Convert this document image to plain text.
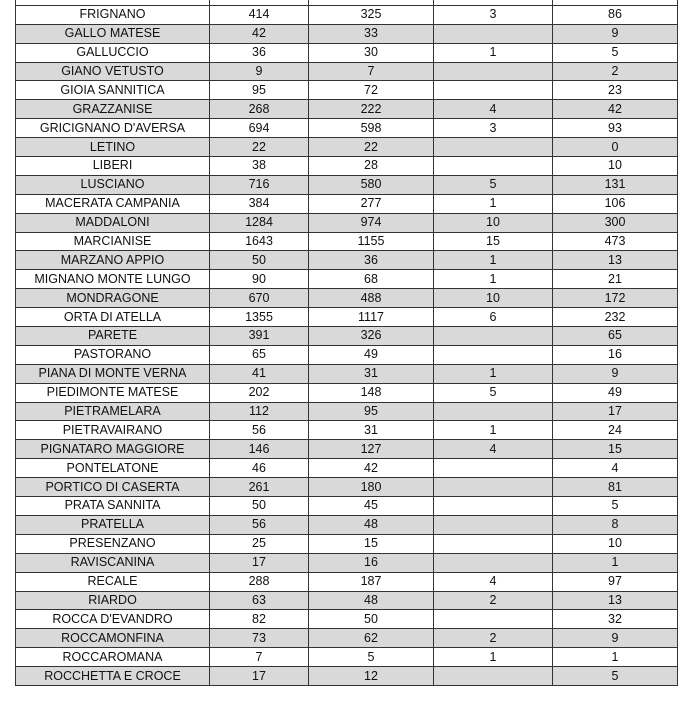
FRIGNANO	414	325	3	86
GALLO MATESE	42	33		9
GALLUCCIO	36	30	1	5
GIANO VETUSTO	9	7		2
GIOIA SANNITICA	95	72		23
GRAZZANISE	268	222	4	42
GRICIGNANO D'AVERSA	694	598	3	93
LETINO	22	22		0
LIBERI	38	28		10
LUSCIANO	716	580	5	131
MACERATA CAMPANIA	384	277	1	106
MADDALONI	1284	974	10	300
MARCIANISE	1643	1155	15	473
MARZANO APPIO	50	36	1	13
MIGNANO MONTE LUNGO	90	68	1	21
MONDRAGONE	670	488	10	172
ORTA DI ATELLA	1355	1117	6	232
PARETE	391	326		65
PASTORANO	65	49		16
PIANA DI MONTE VERNA	41	31	1	9
PIEDIMONTE MATESE	202	148	5	49
PIETRAMELARA	112	95		17
PIETRAVAIRANO	56	31	1	24
PIGNATARO MAGGIORE	146	127	4	15
PONTELATONE	46	42		4
PORTICO DI CASERTA	261	180		81
PRATA SANNITA	50	45		5
PRATELLA	56	48		8
PRESENZANO	25	15		10
RAVISCANINA	17	16		1
RECALE	288	187	4	97
RIARDO	63	48	2	13
ROCCA D'EVANDRO	82	50		32
ROCCAMONFINA	73	62	2	9
ROCCAROMANA	7	5	1	1
ROCCHETTA E CROCE	17	12		5
